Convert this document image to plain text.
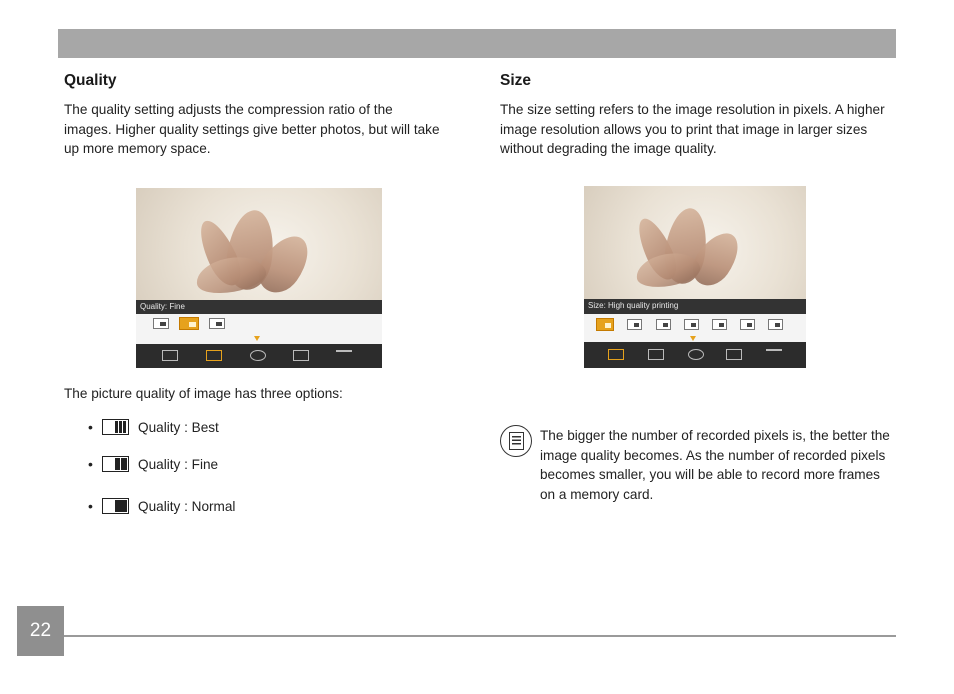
Quality

The quality setting adjusts the compression ratio of the images. Higher quality settings give better photos, but will take up more memory space.

Size

The size setting refers to the image resolution in pixels. A higher image resolution allows you to print that image in larger sizes without degrading the image quality.

Quality: Fine	Size: High quality printing

The picture quality of image has three options:

•	Quality : Best
•	Quality : Fine
•	Quality : Normal

The bigger the number of recorded pixels is, the better the image quality becomes. As the number of recorded pixels becomes smaller, you will be able to record more frames on a memory card.

22
